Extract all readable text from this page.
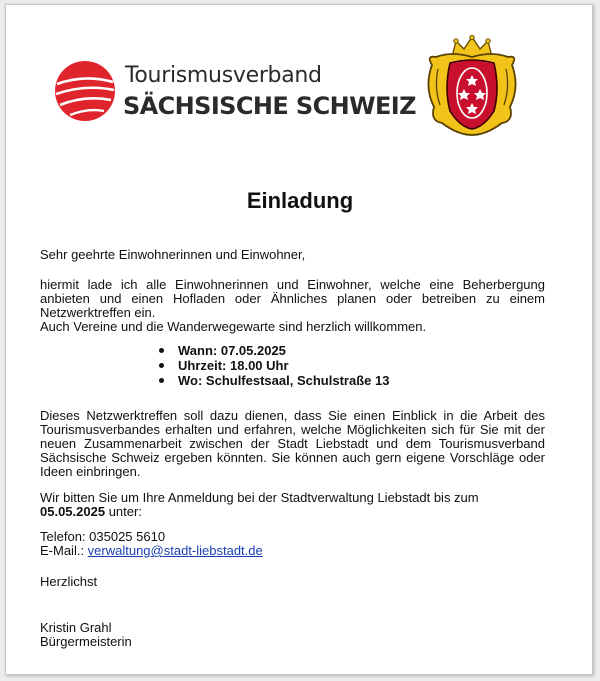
Tourismusverband
SÄCHSISCHE SCHWEIZ
Einladung
Sehr geehrte Einwohnerinnen und Einwohner,
hiermit lade ich alle Einwohnerinnen und Einwohner, welche eine Beherbergung anbieten und einen Hofladen oder Ähnliches planen oder betreiben zu einem Netzwerktreffen ein.
Auch Vereine und die Wanderwegewarte sind herzlich willkommen.
Wann: 07.05.2025
Uhrzeit: 18.00 Uhr
Wo: Schulfestsaal, Schulstraße 13
Dieses Netzwerktreffen soll dazu dienen, dass Sie einen Einblick in die Arbeit des Tourismusverbandes erhalten und erfahren, welche Möglichkeiten sich für Sie mit der neuen Zusammenarbeit zwischen der Stadt Liebstadt und dem Tourismusverband Sächsische Schweiz ergeben könnten. Sie können auch gern eigene Vorschläge oder Ideen einbringen.
Wir bitten Sie um Ihre Anmeldung bei der Stadtverwaltung Liebstadt bis zum
05.05.2025 unter:
Telefon: 035025 5610
E-Mail.: verwaltung@stadt-liebstadt.de
Herzlichst
Kristin Grahl
Bürgermeisterin
